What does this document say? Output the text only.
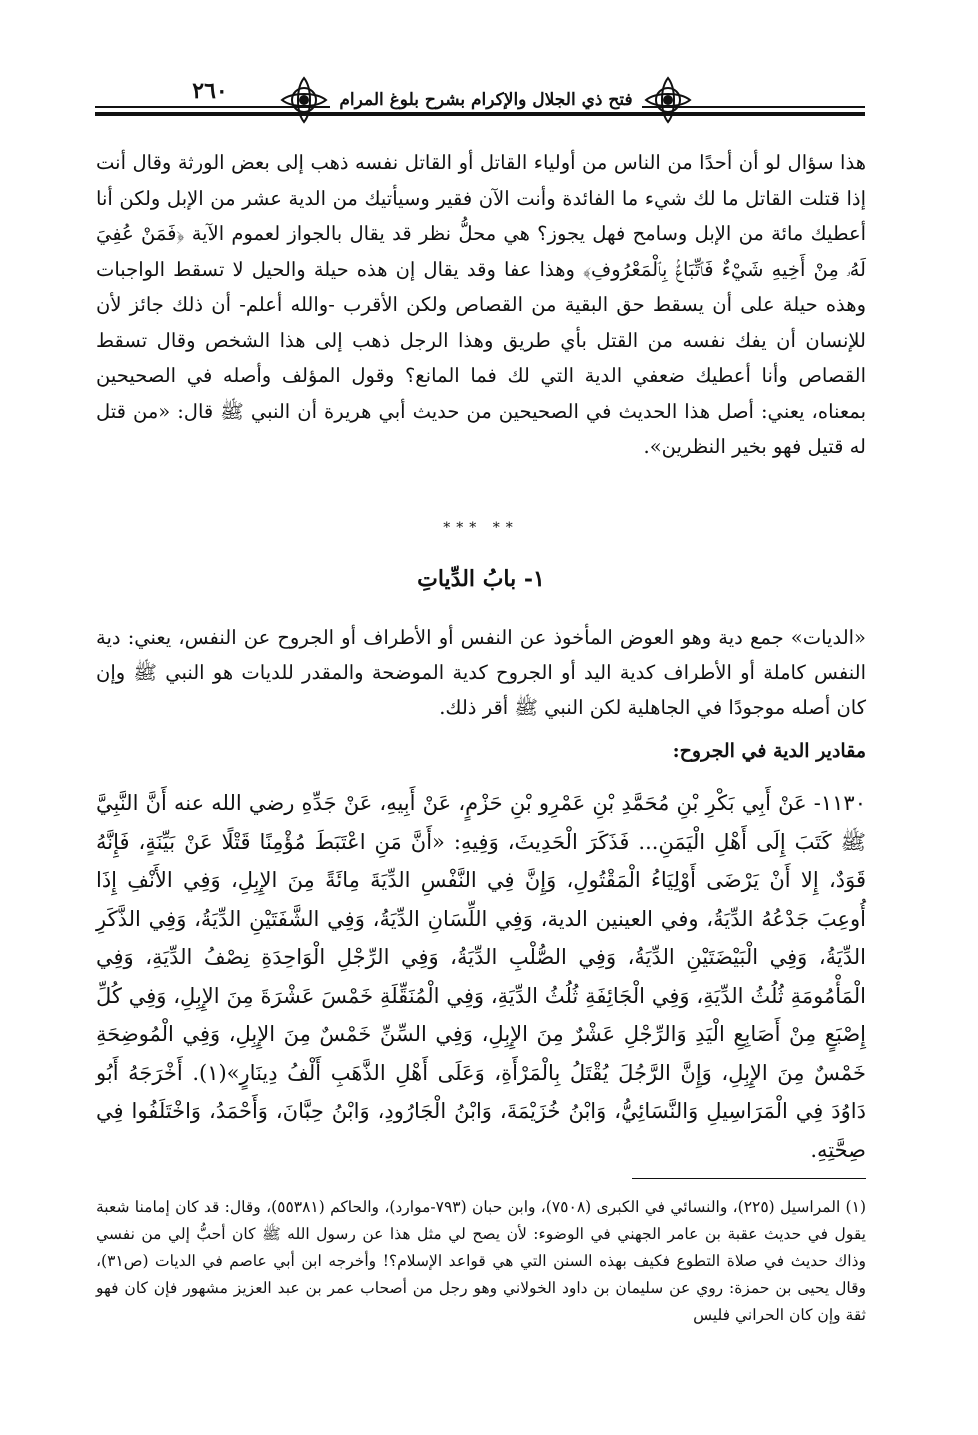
٢٦٠	فتح ذي الجلال والإكرام بشرح بلوغ المرام

هذا سؤال لو أن أحدًا من الناس من أولياء القاتل أو القاتل نفسه ذهب إلى بعض الورثة وقال أنت إذا قتلت القاتل ما لك شيء ما الفائدة وأنت الآن فقير وسيأتيك من الدية عشر من الإبل ولكن أنا أعطيك مائة من الإبل وسامح فهل يجوز؟ هي محلُّ نظر قد يقال بالجواز لعموم الآية ﴿فَمَنْ عُفِيَ لَهُۥ مِنْ أَخِيهِ شَيْءٌ فَٱتِّبَاعٌۢ بِٱلْمَعْرُوفِ﴾ وهذا عفا وقد يقال إن هذه حيلة والحيل لا تسقط الواجبات وهذه حيلة على أن يسقط حق البقية من القصاص ولكن الأقرب -والله أعلم- أن ذلك جائز لأن للإنسان أن يفك نفسه من القتل بأي طريق وهذا الرجل ذهب إلى هذا الشخص وقال تسقط القصاص وأنا أعطيك ضعفي الدية التي لك فما المانع؟ وقول المؤلف وأصله في الصحيحين بمعناه، يعني: أصل هذا الحديث في الصحيحين من حديث أبي هريرة أن النبي ﷺ قال: «من قتل له قتيل فهو بخير النظرين».

*** **
١- بابُ الدِّياتِ
«الديات» جمع دية وهو العوض المأخوذ عن النفس أو الأطراف أو الجروح عن النفس، يعني: دية النفس كاملة أو الأطراف كدية اليد أو الجروح كدية الموضحة والمقدر للديات هو النبي ﷺ وإن كان أصله موجودًا في الجاهلية لكن النبي ﷺ أقر ذلك.
مقادير الدية في الجروح:
١١٣٠- عَنْ أَبِي بَكْرِ بْنِ مُحَمَّدِ بْنِ عَمْرِو بْنِ حَزْمٍ، عَنْ أَبِيهِ، عَنْ جَدِّهِ رضي الله عنه أَنَّ النَّبِيَّ ﷺ كَتَبَ إِلَى أَهْلِ الْيَمَنِ... فَذَكَرَ الْحَدِيثَ، وَفِيهِ: «أَنَّ مَنِ اعْتَبَطَ مُؤْمِنًا قَتْلًا عَنْ بَيِّنَةٍ، فَإِنَّهُ قَوَدٌ، إِلا أَنْ يَرْضَى أَوْلِيَاءُ الْمَقْتُولِ، وَإِنَّ فِي النَّفْسِ الدِّيَةَ مِائَةً مِنَ الإِبِلِ، وَفِي الأَنْفِ إِذَا أُوعِبَ جَدْعُهُ الدِّيَةُ، وفي العينين الدية، وَفِي اللِّسَانِ الدِّيَةُ، وَفِي الشَّفَتَيْنِ الدِّيَةُ، وَفِي الذَّكَرِ الدِّيَةُ، وَفِي الْبَيْضَتَيْنِ الدِّيَةُ، وَفِي الصُّلْبِ الدِّيَةُ، وَفِي الرِّجْلِ الْوَاحِدَةِ نِصْفُ الدِّيَةِ، وَفِي الْمَأْمُومَةِ ثُلُثُ الدِّيَةِ، وَفِي الْجَائِفَةِ ثُلُثُ الدِّيَةِ، وَفِي الْمُنَقِّلَةِ خَمْسَ عَشْرَةَ مِنَ الإِبِلِ، وَفِي كُلِّ إِصْبَعٍ مِنْ أَصَابِعِ الْيَدِ وَالرِّجْلِ عَشْرٌ مِنَ الإِبِلِ، وَفِي السِّنِّ خَمْسٌ مِنَ الإِبِلِ، وَفِي الْمُوضِحَةِ خَمْسٌ مِنَ الإِبِلِ، وَإِنَّ الرَّجُلَ يُقْتَلُ بِالْمَرْأَةِ، وَعَلَى أَهْلِ الذَّهَبِ أَلْفُ دِينَارٍ»(١). أَخْرَجَهُ أَبُو دَاوُدَ فِي الْمَرَاسِيلِ وَالنَّسَائِيُّ، وَابْنُ خُزَيْمَةَ، وَابْنُ الْجَارُودِ، وَابْنُ حِبَّانَ، وَأَحْمَدُ، وَاخْتَلَفُوا فِي صِحَّتِهِ.
(١) المراسيل (٢٢٥)، والنسائي في الكبرى (٧٥٠٨)، وابن حبان (٧٩٣-موارد)، والحاكم (٥٥٣٨١)، وقال: قد كان إمامنا شعبة يقول في حديث عقبة بن عامر الجهني في الوضوء: لأن يصح لي مثل هذا عن رسول الله ﷺ كان أحبُّ إلي من نفسي وذاك حديث في صلاة التطوع فكيف بهذه السنن التي هي قواعد الإسلام؟! وأخرجه ابن أبي عاصم في الديات (ص٣١)، وقال يحيى بن حمزة: روي عن سليمان بن داود الخولاني وهو رجل من أصحاب عمر بن عبد العزيز مشهور فإن كان فهو ثقة وإن كان الحراني فليس
